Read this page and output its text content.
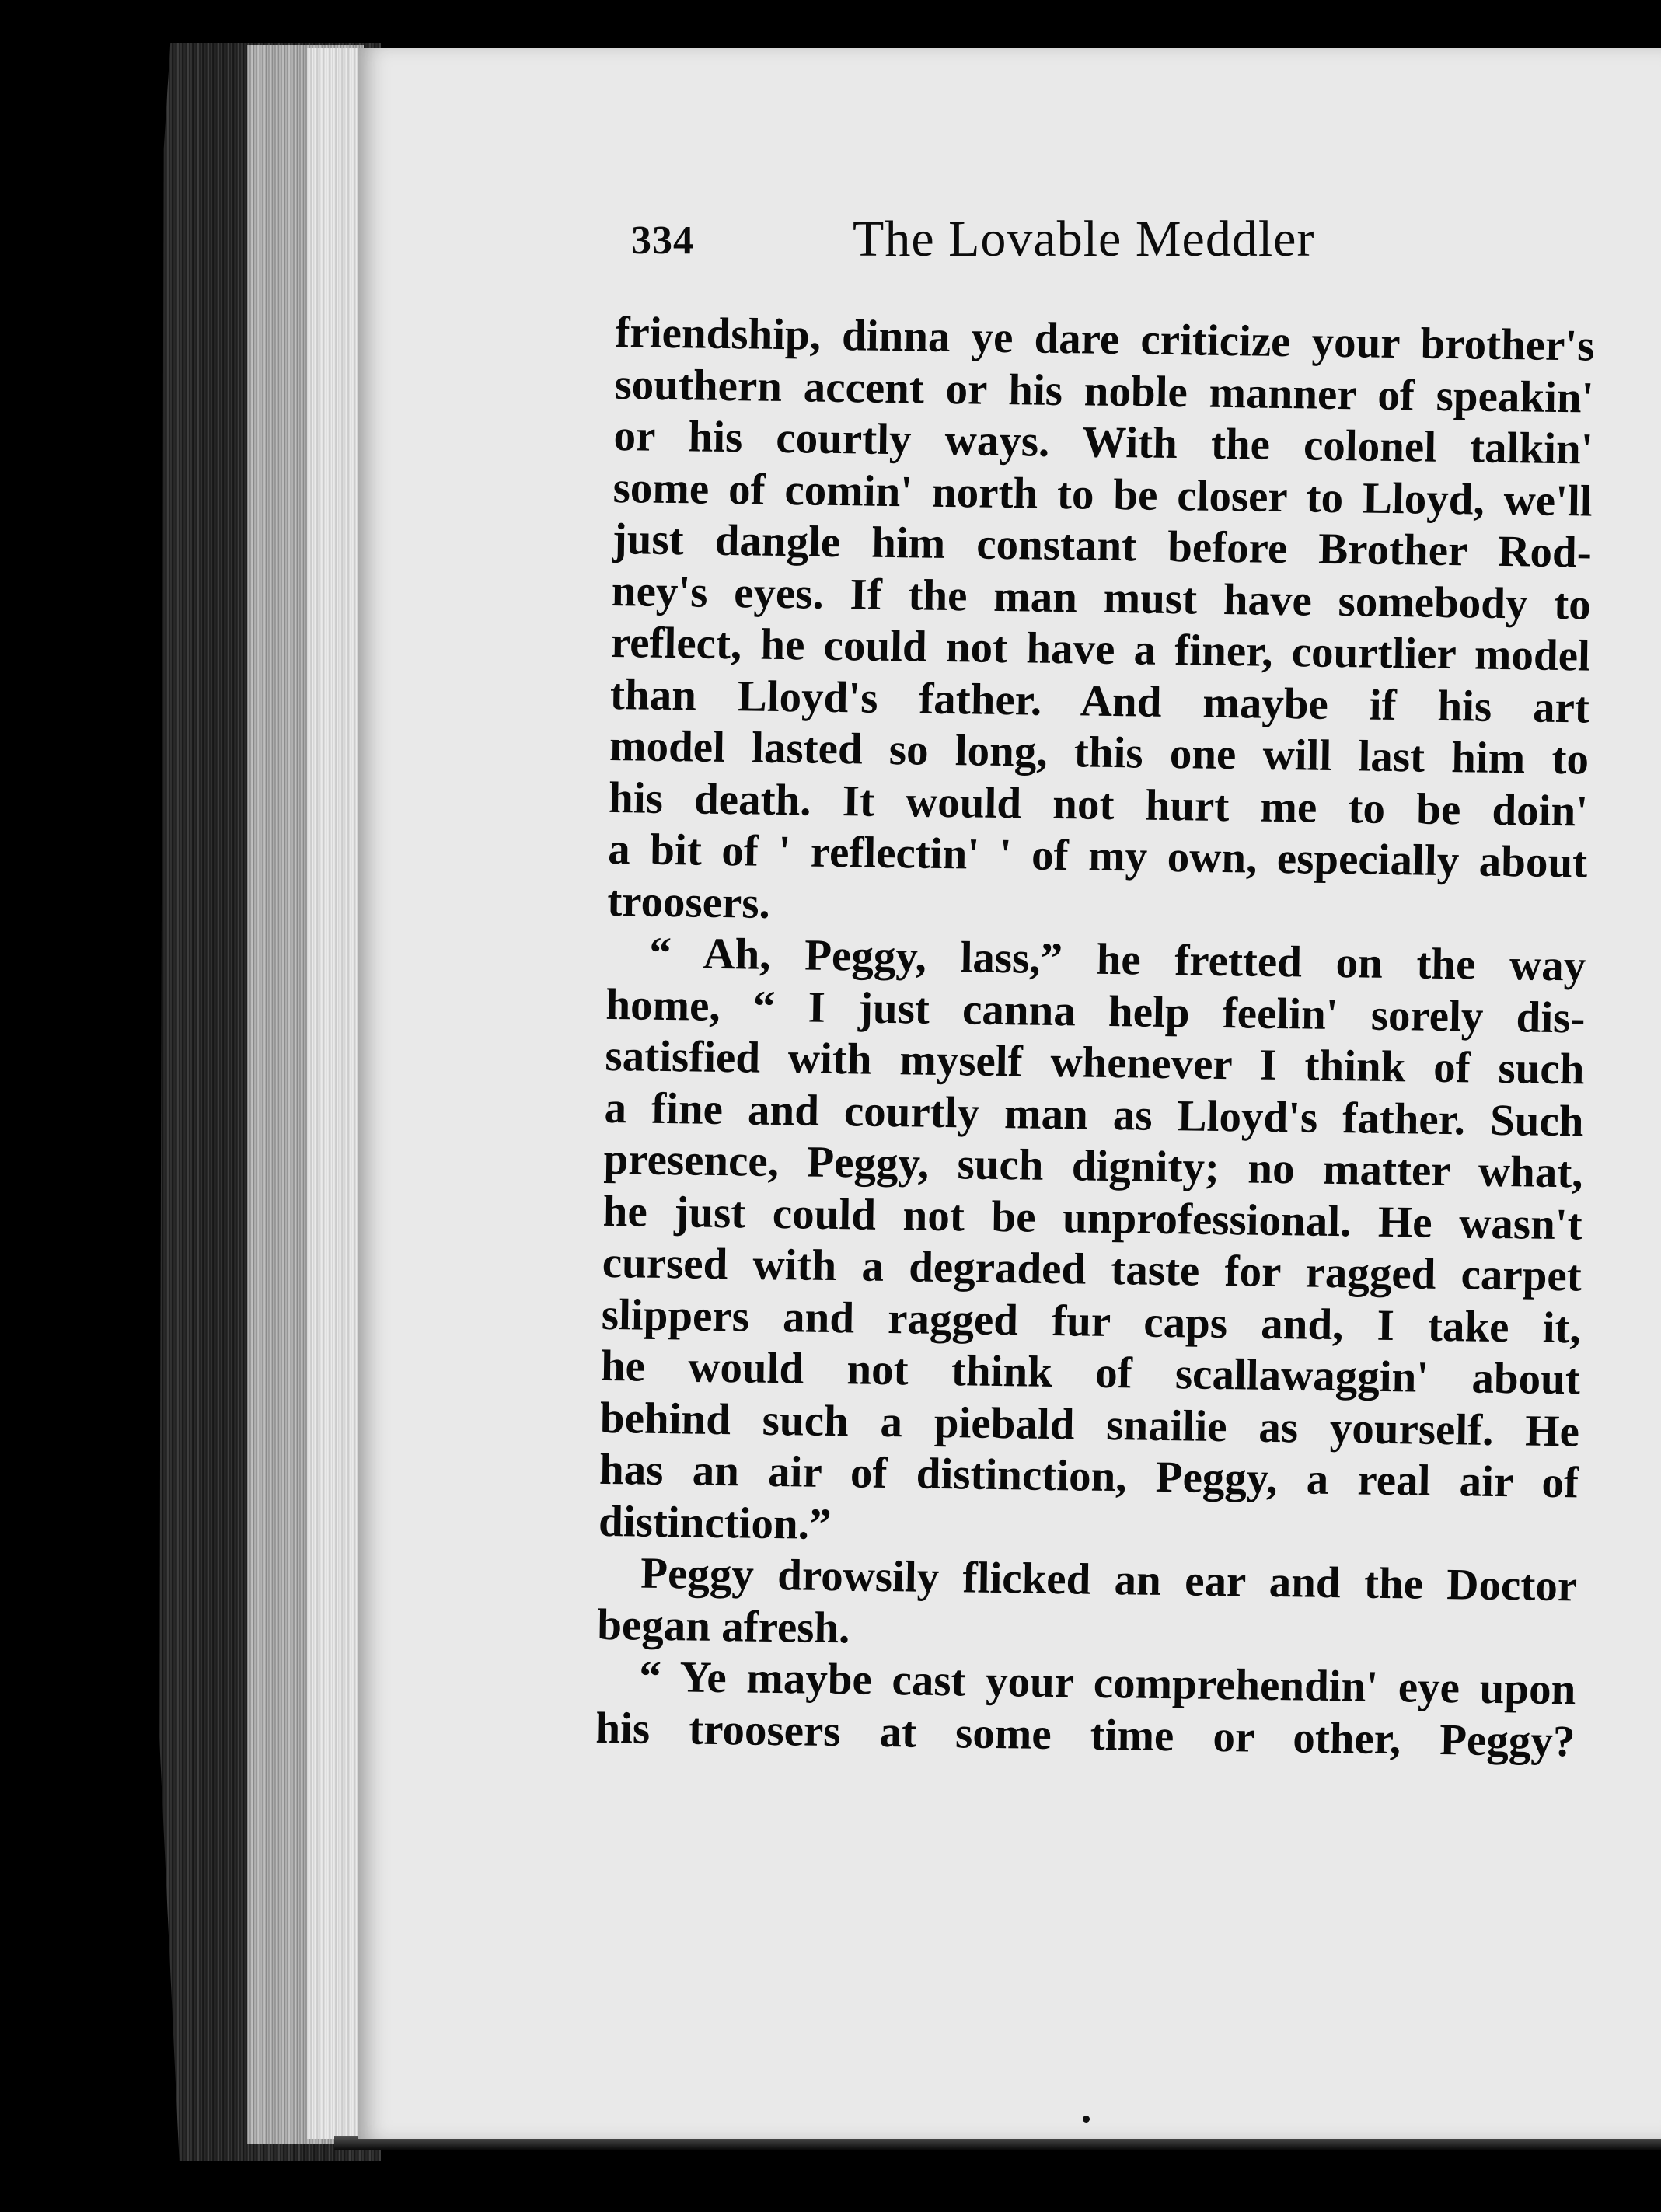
334	The Lovable Meddler

friendship, dinna ye dare criticize your brother's
southern accent or his noble manner of speakin'
or his courtly ways. With the colonel talkin'
some of comin' north to be closer to Lloyd, we'll
just dangle him constant before Brother Rod-
ney's eyes. If the man must have somebody to
reflect, he could not have a finer, courtlier model
than Lloyd's father. And maybe if his art
model lasted so long, this one will last him to
his death. It would not hurt me to be doin'
a bit of ' reflectin' ' of my own, especially about
troosers.

“ Ah, Peggy, lass,” he fretted on the way
home, “ I just canna help feelin' sorely dis-
satisfied with myself whenever I think of such
a fine and courtly man as Lloyd's father. Such
presence, Peggy, such dignity; no matter what,
he just could not be unprofessional. He wasn't
cursed with a degraded taste for ragged carpet
slippers and ragged fur caps and, I take it,
he would not think of scallawaggin' about
behind such a piebald snailie as yourself. He
has an air of distinction, Peggy, a real air of
distinction.”

Peggy drowsily flicked an ear and the Doctor
began afresh.

“ Ye maybe cast your comprehendin' eye upon
his troosers at some time or other, Peggy?
